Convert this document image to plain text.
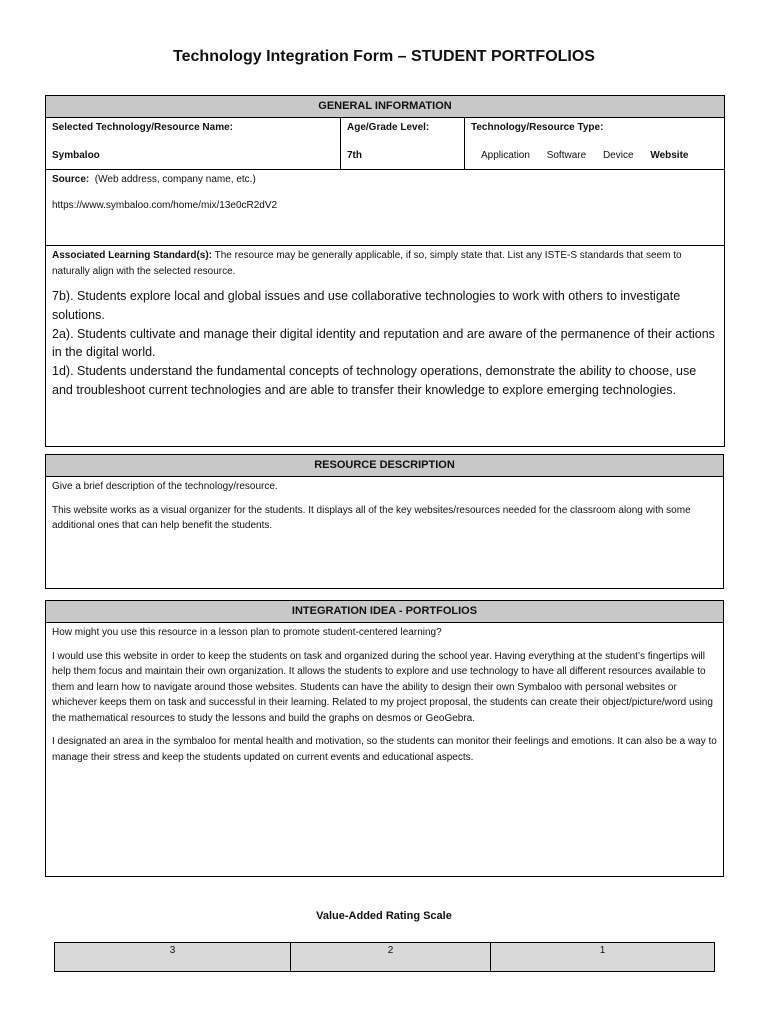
Technology Integration Form – STUDENT PORTFOLIOS
GENERAL INFORMATION

Selected Technology/Resource Name:
Symbaloo

Age/Grade Level:
7th

Technology/Resource Type:
Application Software Device Website

Source: (Web address, company name, etc.)
https://www.symbaloo.com/home/mix/13e0cR2dV2

Associated Learning Standard(s): The resource may be generally applicable, if so, simply state that. List any ISTE-S standards that seem to naturally align with the selected resource.
7b). Students explore local and global issues and use collaborative technologies to work with others to investigate solutions.
2a). Students cultivate and manage their digital identity and reputation and are aware of the permanence of their actions in the digital world.
1d). Students understand the fundamental concepts of technology operations, demonstrate the ability to choose, use and troubleshoot current technologies and are able to transfer their knowledge to explore emerging technologies.
RESOURCE DESCRIPTION

Give a brief description of the technology/resource.
This website works as a visual organizer for the students. It displays all of the key websites/resources needed for the classroom along with some additional ones that can help benefit the students.
INTEGRATION IDEA - PORTFOLIOS

How might you use this resource in a lesson plan to promote student-centered learning?
I would use this website in order to keep the students on task and organized during the school year. Having everything at the student’s fingertips will help them focus and maintain their own organization. It allows the students to explore and use technology to have all different resources available to them and learn how to navigate around those websites. Students can have the ability to design their own Symbaloo with personal websites or whichever keeps them on task and successful in their learning. Related to my project proposal, the students can create their object/picture/word using the mathematical resources to study the lessons and build the graphs on desmos or GeoGebra.
I designated an area in the symbaloo for mental health and motivation, so the students can monitor their feelings and emotions. It can also be a way to manage their stress and keep the students updated on current events and educational aspects.
Value-Added Rating Scale
3	2	1
